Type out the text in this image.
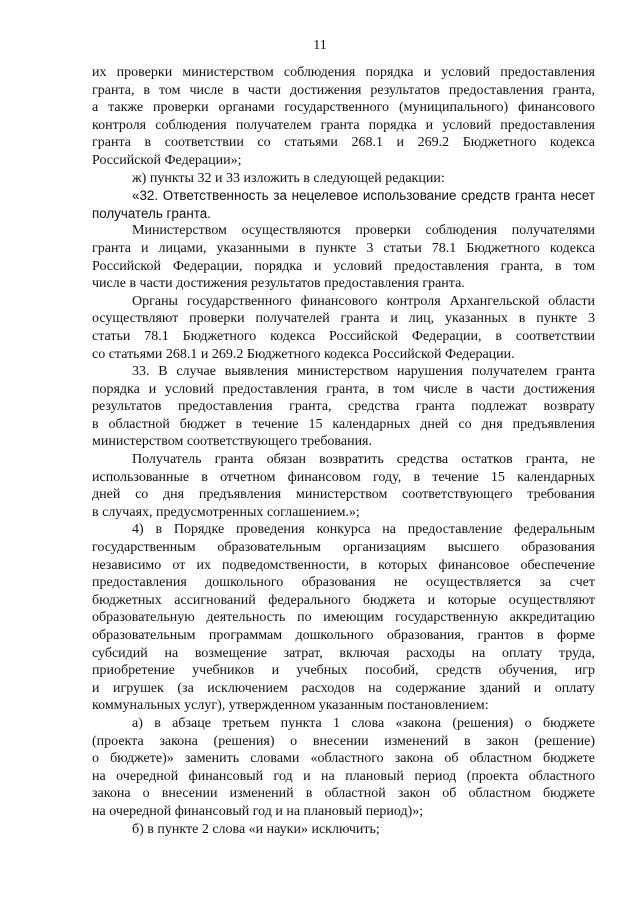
11
их проверки министерством соблюдения порядка и условий предоставления
гранта, в том числе в части достижения результатов предоставления гранта,
а также проверки органами государственного (муниципального) финансового
контроля соблюдения получателем гранта порядка и условий предоставления
гранта в соответствии со статьями 268.1 и 269.2 Бюджетного кодекса
Российской Федерации»;
ж) пункты 32 и 33 изложить в следующей редакции:
«32. Ответственность за нецелевое использование средств гранта несет
получатель гранта.
Министерством осуществляются проверки соблюдения получателями
гранта и лицами, указанными в пункте 3 статьи 78.1 Бюджетного кодекса
Российской Федерации, порядка и условий предоставления гранта, в том
числе в части достижения результатов предоставления гранта.
Органы государственного финансового контроля Архангельской области
осуществляют проверки получателей гранта и лиц, указанных в пункте 3
статьи 78.1 Бюджетного кодекса Российской Федерации, в соответствии
со статьями 268.1 и 269.2 Бюджетного кодекса Российской Федерации.
33. В случае выявления министерством нарушения получателем гранта
порядка и условий предоставления гранта, в том числе в части достижения
результатов предоставления гранта, средства гранта подлежат возврату
в областной бюджет в течение 15 календарных дней со дня предъявления
министерством соответствующего требования.
Получатель гранта обязан возвратить средства остатков гранта, не
использованные в отчетном финансовом году, в течение 15 календарных
дней со дня предъявления министерством соответствующего требования
в случаях, предусмотренных соглашением.»;
4) в Порядке проведения конкурса на предоставление федеральным
государственным образовательным организациям высшего образования
независимо от их подведомственности, в которых финансовое обеспечение
предоставления дошкольного образования не осуществляется за счет
бюджетных ассигнований федерального бюджета и которые осуществляют
образовательную деятельность по имеющим государственную аккредитацию
образовательным программам дошкольного образования, грантов в форме
субсидий на возмещение затрат, включая расходы на оплату труда,
приобретение учебников и учебных пособий, средств обучения, игр
и игрушек (за исключением расходов на содержание зданий и оплату
коммунальных услуг), утвержденном указанным постановлением:
а) в абзаце третьем пункта 1 слова «закона (решения) о бюджете
(проекта закона (решения) о внесении изменений в закон (решение)
о бюджете)» заменить словами «областного закона об областном бюджете
на очередной финансовый год и на плановый период (проекта областного
закона о внесении изменений в областной закон об областном бюджете
на очередной финансовый год и на плановый период)»;
б) в пункте 2 слова «и науки» исключить;
